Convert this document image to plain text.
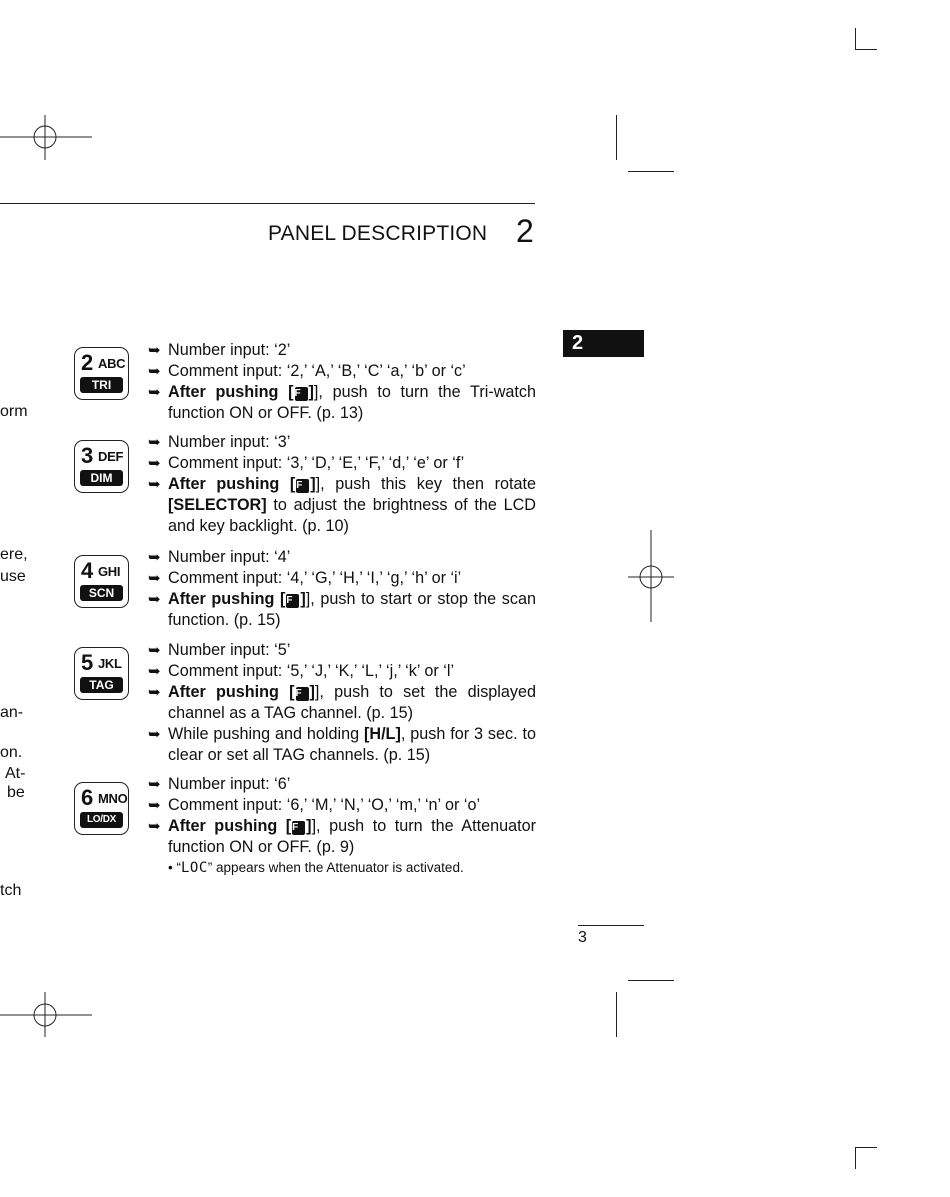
PANEL DESCRIPTION 2
2
orm
ere,
use
an-
on.
At-
be
tch
2 ABC
TRI
➥ Number input: ‘2’
➥ Comment input: ‘2,’ ‘A,’ ‘B,’ ‘C’ ‘a,’ ‘b’ or ‘c’
➥ After pushing [F ]], push to turn the Tri-watch function ON or OFF. (p. 13)
3 DEF
DIM
➥ Number input: ‘3’
➥ Comment input: ‘3,’ ‘D,’ ‘E,’ ‘F,’ ‘d,’ ‘e’ or ‘f’
➥ After pushing [F ]], push this key then rotate [SELECTOR] to adjust the brightness of the LCD and key backlight. (p. 10)
4 GHI
SCN
➥ Number input: ‘4’
➥ Comment input: ‘4,’ ‘G,’ ‘H,’ ‘I,’ ‘g,’ ‘h’ or ‘i’
➥ After pushing [F ]], push to start or stop the scan function. (p. 15)
5 JKL
TAG
➥ Number input: ‘5’
➥ Comment input: ‘5,’ ‘J,’ ‘K,’ ‘L,’ ‘j,’ ‘k’ or ‘l’
➥ After pushing [F ]], push to set the displayed channel as a TAG channel. (p. 15)
➥ While pushing and holding [H/L], push for 3 sec. to clear or set all TAG channels. (p. 15)
6 MNO
LO/DX
➥ Number input: ‘6’
➥ Comment input: ‘6,’ ‘M,’ ‘N,’ ‘O,’ ‘m,’ ‘n’ or ‘o’
➥ After pushing [F ]], push to turn the Attenuator function ON or OFF. (p. 9)
• “LOC” appears when the Attenuator is activated.
3
